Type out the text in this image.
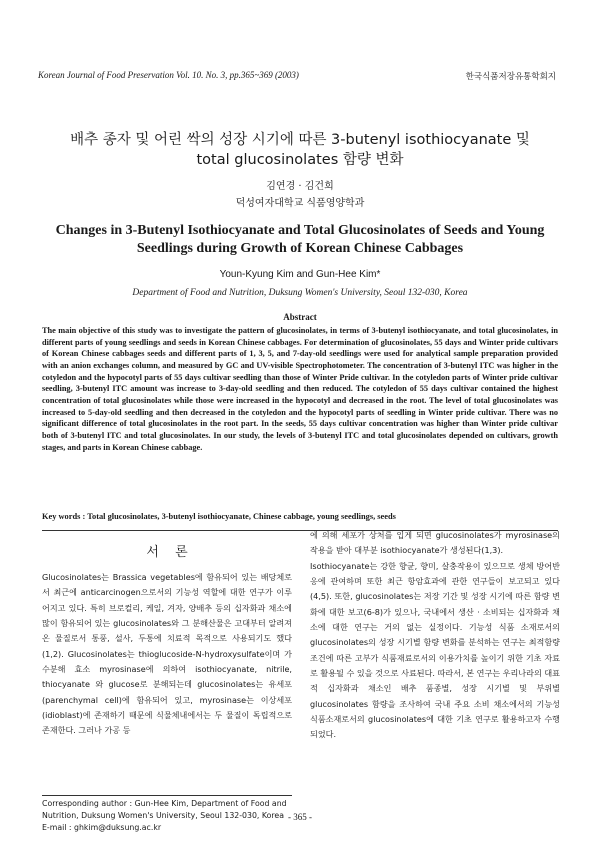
Korean Journal of Food Preservation Vol. 10. No. 3, pp.365~369 (2003)	한국식품저장유통학회지
배추 종자 및 어린 싹의 성장 시기에 따른 3-butenyl isothiocyanate 및
total glucosinolates 함량 변화
김연경 · 김건희
덕성여자대학교 식품영양학과
Changes in 3-Butenyl Isothiocyanate and Total Glucosinolates of Seeds and Young
Seedlings during Growth of Korean Chinese Cabbages
Youn-Kyung Kim and Gun-Hee Kim*
Department of Food and Nutrition, Duksung Women's University, Seoul 132-030, Korea
Abstract
The main objective of this study was to investigate the pattern of glucosinolates, in terms of 3-butenyl isothiocyanate, and total glucosinolates, in different parts of young seedlings and seeds in Korean Chinese cabbages. For determination of glucosinolates, 55 days and Winter pride cultivars of Korean Chinese cabbages seeds and different parts of 1, 3, 5, and 7-day-old seedlings were used for analytical sample preparation provided with an anion exchanges column, and measured by GC and UV-visible Spectrophotometer. The concentration of 3-butenyl ITC was higher in the cotyledon and the hypocotyl parts of 55 days cultivar seedling than those of Winter Pride cultivar. In the cotyledon parts of Winter pride cultivar seedling, 3-butenyl ITC amount was increase to 3-day-old seedling and then reduced. The cotyledon of 55 days cultivar contained the highest concentration of total glucosinolates while those were increased in the hypocotyl and decreased in the root. The level of total glucosinolates was increased to 5-day-old seedling and then decreased in the cotyledon and the hypocotyl parts of seedling in Winter pride cultivar. There was no significant difference of total glucosinolates in the root part. In the seeds, 55 days cultivar concentration was higher than Winter pride cultivar both of 3-butenyl ITC and total glucosinolates. In our study, the levels of 3-butenyl ITC and total glucosinolates depended on cultivars, growth stages, and parts in Korean Chinese cabbage.
Key words : Total glucosinolates, 3-butenyl isothiocyanate, Chinese cabbage, young seedlings, seeds
서 론

Glucosinolates는 Brassica vegetables에 함유되어 있는 배당체로서 최근에 anticarcinogen으로서의 기능성 역할에 대한 연구가 이루어지고 있다. 특히 브로컬리, 케일, 겨자, 양배추 등의 십자화과 채소에 많이 함유되어 있는 glucosinolates와 그 분해산물은 고대부터 알려져 온 물질로서 통풍, 설사, 두통에 치료적 목적으로 사용되기도 했다(1,2). Glucosinolates는 thioglucoside-N-hydroxysulfate이며 가수분해 효소 myrosinase에 의하여 isothiocyanate, nitrile, thiocyanate 와 glucose로 분해되는데 glucosinolates는 유세포 (parenchymal cell)에 함유되어 있고, myrosinase는 이상세포 (idioblast)에 존재하기 때문에 식물체내에서는 두 물질이 독립적으로 존재한다. 그러나 가공 등

에 의해 세포가 상처를 입게 되면 glucosinolates가 myrosinase의 작용을 받아 대부분 isothiocyanate가 생성된다(1,3).

Isothiocyanate는 강한 향균, 향미, 살충작용이 있으므로 생체 방어반응에 관여하며 또한 최근 항암효과에 관한 연구들이 보고되고 있다(4,5). 또한, glucosinolates는 저장 기간 및 성장 시기에 따른 함량 변화에 대한 보고(6-8)가 있으나, 국내에서 생산 · 소비되는 십자화과 채소에 대한 연구는 거의 없는 실정이다. 기능성 식품 소재로서의 glucosinolates의 성장 시기별 함량 변화를 분석하는 연구는 최적함량 조건에 따른 고부가 식품재료로서의 이용가치를 높이기 위한 기초 자료로 활용될 수 있을 것으로 사료된다. 따라서, 본 연구는 우리나라의 대표적 십자화과 채소인 배추 품종별, 성장 시기별 및 부위별 glucosinolates 함량을 조사하여 국내 주요 소비 채소에서의 기능성 식품소재로서의 glucosinolates에 대한 기초 연구로 활용하고자 수행되었다.

Corresponding author : Gun-Hee Kim, Department of Food and Nutrition, Duksung Women's University, Seoul 132-030, Korea
E-mail : ghkim@duksung.ac.kr
- 365 -
